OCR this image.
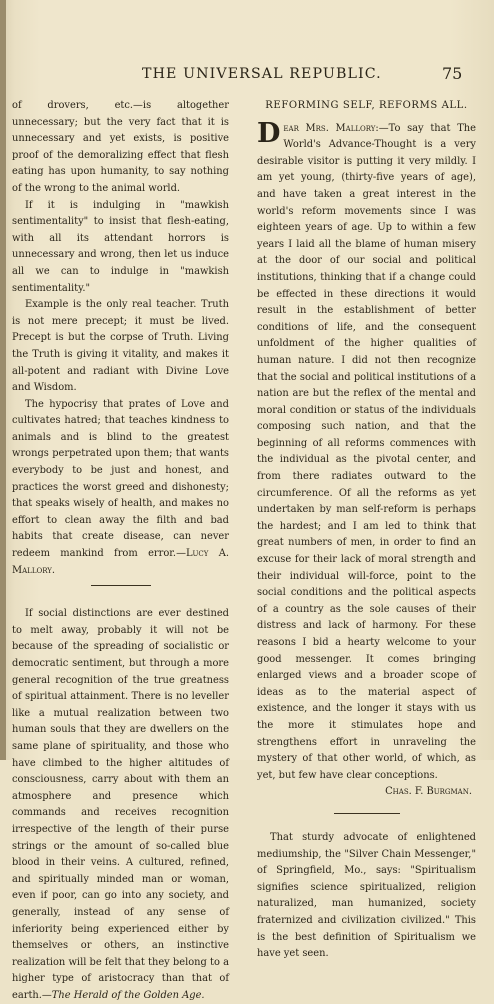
THE UNIVERSAL REPUBLIC.	75

of drovers, etc.—is altogether unnecessary; but the very fact that it is unnecessary and yet exists, is positive proof of the demoralizing effect that flesh eating has upon humanity, to say nothing of the wrong to the animal world.

If it is indulging in "mawkish sentimentality" to insist that flesh-eating, with all its attendant horrors is unnecessary and wrong, then let us induce all we can to indulge in "mawkish sentimentality."

Example is the only real teacher. Truth is not mere precept; it must be lived. Precept is but the corpse of Truth. Living the Truth is giving it vitality, and makes it all-potent and radiant with Divine Love and Wisdom.

The hypocrisy that prates of Love and cultivates hatred; that teaches kindness to animals and is blind to the greatest wrongs perpetrated upon them; that wants everybody to be just and honest, and practices the worst greed and dishonesty; that speaks wisely of health, and makes no effort to clean away the filth and bad habits that create disease, can never redeem mankind from error.—Lucy A. Mallory.

If social distinctions are ever destined to melt away, probably it will not be because of the spreading of socialistic or democratic sentiment, but through a more general recognition of the true greatness of spiritual attainment. There is no leveller like a mutual realization between two human souls that they are dwellers on the same plane of spirituality, and those who have climbed to the higher altitudes of consciousness, carry about with them an atmosphere and presence which commands and receives recognition irrespective of the length of their purse strings or the amount of so-called blue blood in their veins. A cultured, refined, and spiritually minded man or woman, even if poor, can go into any society, and generally, instead of any sense of inferiority being experienced either by themselves or others, an instinctive realization will be felt that they belong to a higher type of aristocracy than that of earth.—The Herald of the Golden Age.

REFORMING SELF, REFORMS ALL.

Dear Mrs. Mallory:—To say that The World's Advance-Thought is a very desirable visitor is putting it very mildly. I am yet young, (thirty-five years of age), and have taken a great interest in the world's reform movements since I was eighteen years of age. Up to within a few years I laid all the blame of human misery at the door of our social and political institutions, thinking that if a change could be effected in these directions it would result in the establishment of better conditions of life, and the consequent unfoldment of the higher qualities of human nature. I did not then recognize that the social and political institutions of a nation are but the reflex of the mental and moral condition or status of the individuals composing such nation, and that the beginning of all reforms commences with the individual as the pivotal center, and from there radiates outward to the circumference. Of all the reforms as yet undertaken by man self-reform is perhaps the hardest; and I am led to think that great numbers of men, in order to find an excuse for their lack of moral strength and their individual will-force, point to the social conditions and the political aspects of a country as the sole causes of their distress and lack of harmony. For these reasons I bid a hearty welcome to your good messenger. It comes bringing enlarged views and a broader scope of ideas as to the material aspect of existence, and the longer it stays with us the more it stimulates hope and strengthens effort in unraveling the mystery of that other world, of which, as yet, but few have clear conceptions.

Chas. F. Burgman.

That sturdy advocate of enlightened mediumship, the "Silver Chain Messenger," of Springfield, Mo., says: "Spiritualism signifies science spiritualized, religion naturalized, man humanized, society fraternized and civilization civilized." This is the best definition of Spiritualism we have yet seen.
